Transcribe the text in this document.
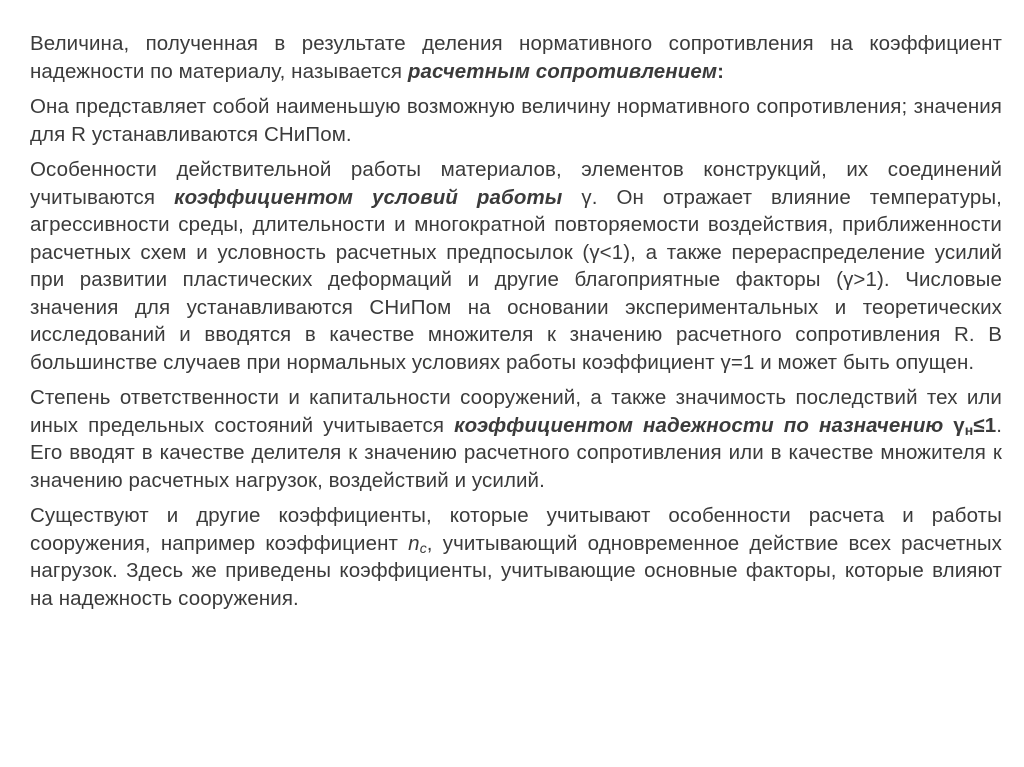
Величина, полученная в результате деления нормативного сопротивления на коэффициент надежности по материалу, называется расчетным сопротивлением:

Она представляет собой наименьшую возможную величину нормативного сопротивления; значения для R устанавливаются СНиПом.

Особенности действительной работы материалов, элементов конструкций, их соединений учитываются коэффициентом условий работы γ. Он отражает влияние температуры, агрессивности среды, длительности и многократной повторяемости воздействия, приближенности расчетных схем и условность расчетных предпосылок (γ<1), а также перераспределение усилий при развитии пластических деформаций и другие благоприятные факторы (γ>1). Числовые значения для устанавливаются СНиПом на основании экспериментальных и теоретических исследований и вводятся в качестве множителя к значению расчетного сопротивления R. В большинстве случаев при нормальных условиях работы коэффициент γ=1 и может быть опущен.

Степень ответственности и капитальности сооружений, а также значимость последствий тех или иных предельных состояний учитывается коэффициентом надежности по назначению $\gamma_н\le 1$. Его вводят в качестве делителя к значению расчетного сопротивления или в качестве множителя к значению расчетных нагрузок, воздействий и усилий.

Существуют и другие коэффициенты, которые учитывают особенности расчета и работы сооружения, например коэффициент $n_c$, учитывающий одновременное действие всех расчетных нагрузок. Здесь же приведены коэффициенты, учитывающие основные факторы, которые влияют на надежность сооружения.
